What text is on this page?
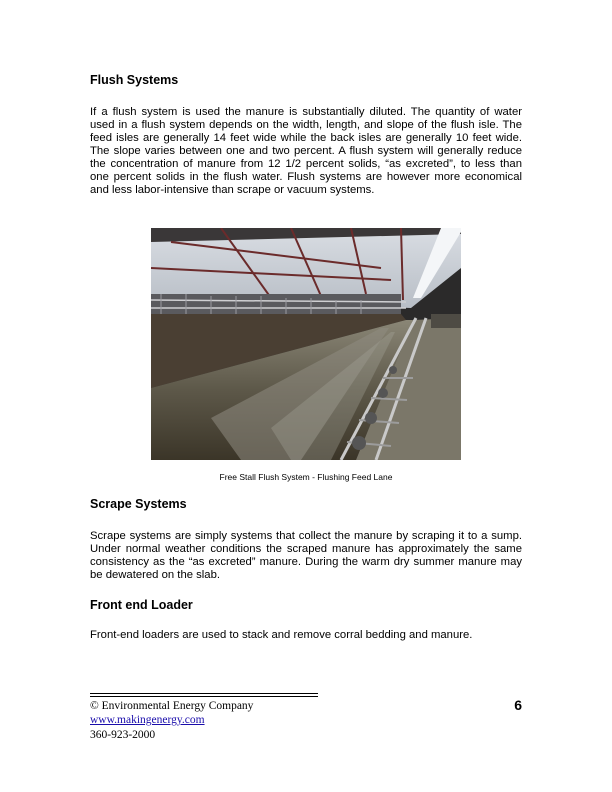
Flush Systems

If a flush system is used the manure is substantially diluted. The quantity of water used in a flush system depends on the width, length, and slope of the flush isle. The feed isles are generally 14 feet wide while the back isles are generally 10 feet wide. The slope varies between one and two percent. A flush system will generally reduce the concentration of manure from 12 1/2 percent solids, “as excreted”, to less than one percent solids in the flush water. Flush systems are however more economical and less labor-intensive than scrape or vacuum systems.

Free Stall Flush System - Flushing Feed Lane
Scrape Systems

Scrape systems are simply systems that collect the manure by scraping it to a sump. Under normal weather conditions the scraped manure has approximately the same consistency as the “as excreted” manure. During the warm dry summer manure may be dewatered on the slab.

Front end Loader

Front-end loaders are used to stack and remove corral bedding and manure.

© Environmental Energy Company
www.makingenergy.com
360-923-2000
6
